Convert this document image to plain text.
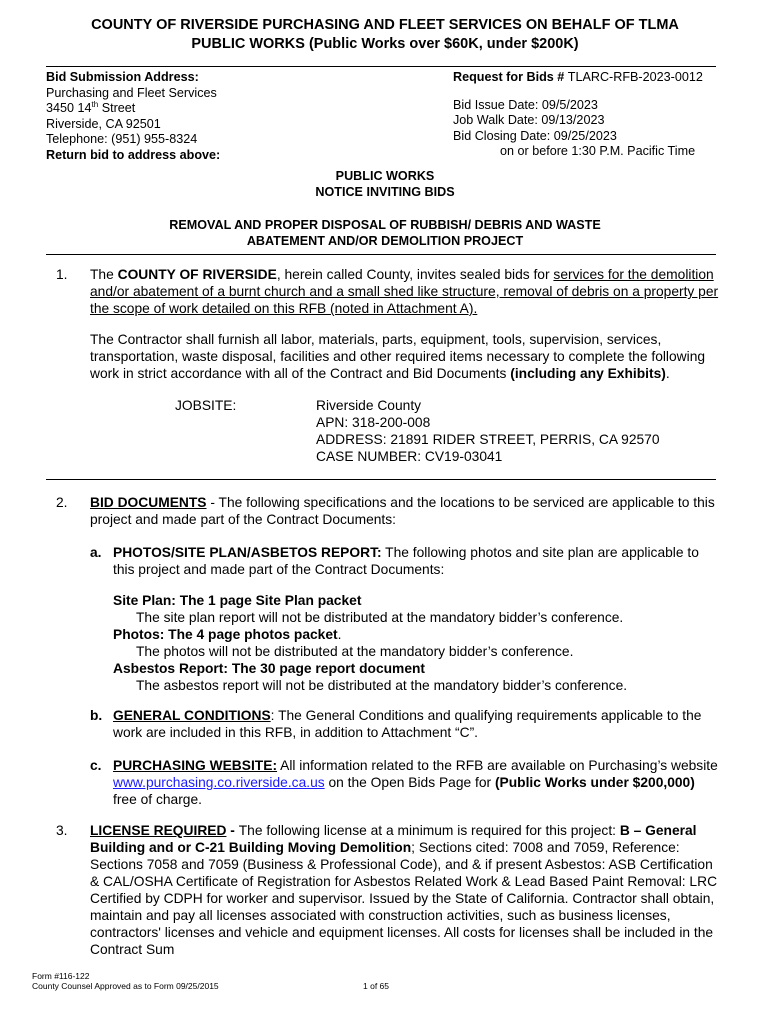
COUNTY OF RIVERSIDE PURCHASING AND FLEET SERVICES ON BEHALF OF TLMA
PUBLIC WORKS (Public Works over $60K, under $200K)
Bid Submission Address:
Purchasing and Fleet Services
3450 14th Street
Riverside, CA 92501
Telephone: (951) 955-8324
Return bid to address above:
Request for Bids # TLARC-RFB-2023-0012
Bid Issue Date: 09/5/2023
Job Walk Date: 09/13/2023
Bid Closing Date: 09/25/2023
on or before 1:30 P.M. Pacific Time
PUBLIC WORKS
NOTICE INVITING BIDS
REMOVAL AND PROPER DISPOSAL OF RUBBISH/ DEBRIS AND WASTE
ABATEMENT AND/OR DEMOLITION PROJECT
1. The COUNTY OF RIVERSIDE, herein called County, invites sealed bids for services for the demolition
and/or abatement of a burnt church and a small shed like structure, removal of debris on a property per
the scope of work detailed on this RFB (noted in Attachment A).
The Contractor shall furnish all labor, materials, parts, equipment, tools, supervision, services,
transportation, waste disposal, facilities and other required items necessary to complete the following
work in strict accordance with all of the Contract and Bid Documents (including any Exhibits).
JOBSITE:	Riverside County
APN: 318-200-008
ADDRESS: 21891 RIDER STREET, PERRIS, CA 92570
CASE NUMBER: CV19-03041
2. BID DOCUMENTS - The following specifications and the locations to be serviced are applicable to this
project and made part of the Contract Documents:
a. PHOTOS/SITE PLAN/ASBETOS REPORT: The following photos and site plan are applicable to
this project and made part of the Contract Documents:
Site Plan: The 1 page Site Plan packet
The site plan report will not be distributed at the mandatory bidder’s conference.
Photos: The 4 page photos packet.
The photos will not be distributed at the mandatory bidder’s conference.
Asbestos Report: The 30 page report document
The asbestos report will not be distributed at the mandatory bidder’s conference.
b. GENERAL CONDITIONS: The General Conditions and qualifying requirements applicable to the
work are included in this RFB, in addition to Attachment “C”.
c. PURCHASING WEBSITE: All information related to the RFB are available on Purchasing’s website
www.purchasing.co.riverside.ca.us on the Open Bids Page for (Public Works under $200,000)
free of charge.
3. LICENSE REQUIRED - The following license at a minimum is required for this project: B – General
Building and or C-21 Building Moving Demolition; Sections cited: 7008 and 7059, Reference:
Sections 7058 and 7059 (Business & Professional Code), and & if present Asbestos: ASB Certification
& CAL/OSHA Certificate of Registration for Asbestos Related Work & Lead Based Paint Removal: LRC
Certified by CDPH for worker and supervisor. Issued by the State of California. Contractor shall obtain,
maintain and pay all licenses associated with construction activities, such as business licenses,
contractors' licenses and vehicle and equipment licenses. All costs for licenses shall be included in the
Contract Sum
Form #116-122
County Counsel Approved as to Form 09/25/2015	1 of 65
